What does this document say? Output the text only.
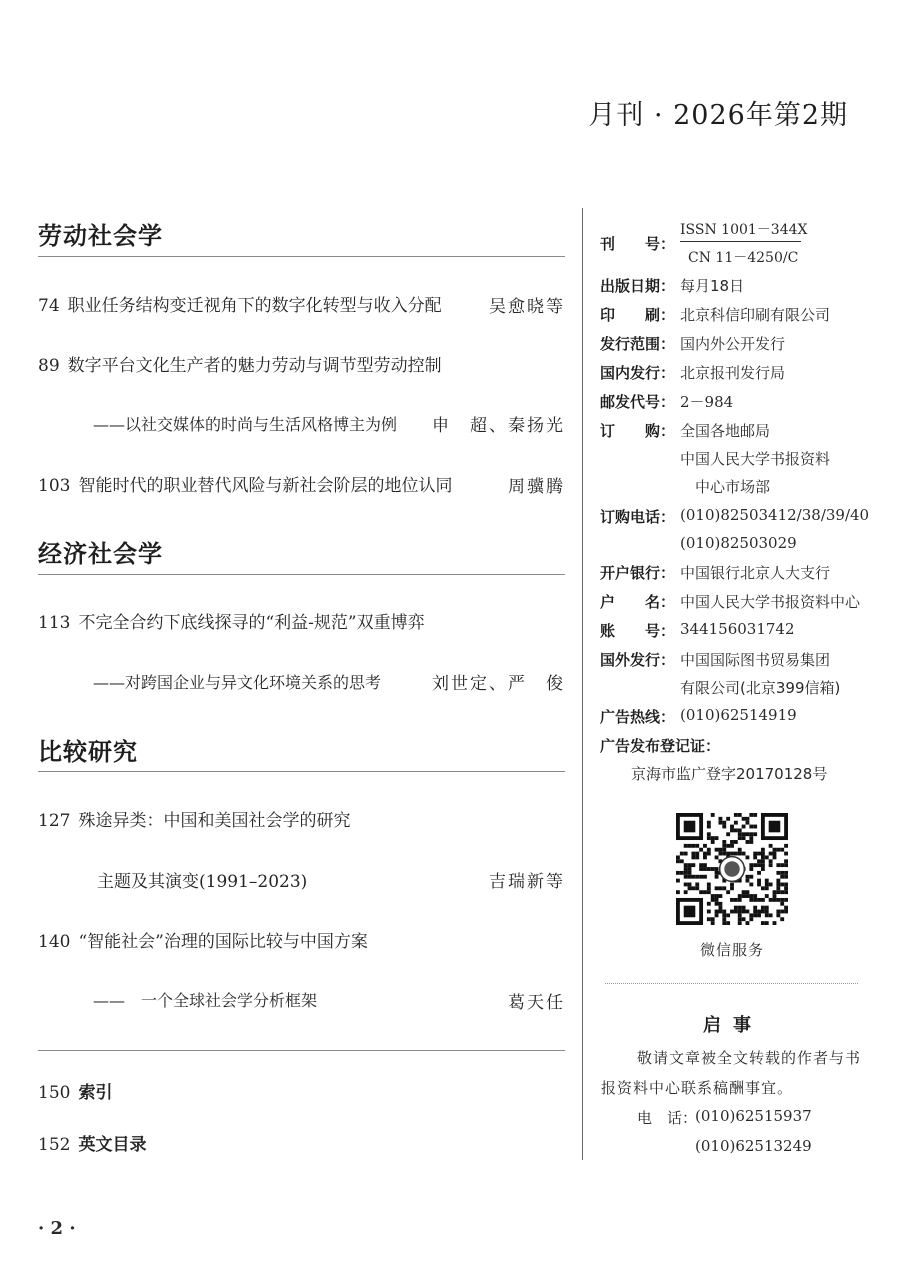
月刊 · 2026年第2期
劳动社会学
74 职业任务结构变迁视角下的数字化转型与收入分配	吴愈晓等
89 数字平台文化生产者的魅力劳动与调节型劳动控制
——以社交媒体的时尚与生活风格博主为例 申　超、秦扬光
103 智能时代的职业替代风险与新社会阶层的地位认同	周骥腾
经济社会学
113 不完全合约下底线探寻的“利益-规范”双重博弈
——对跨国企业与异文化环境关系的思考	刘世定、严　俊
比较研究
127 殊途异类：中国和美国社会学的研究
主题及其演变(1991–2023)	吉瑞新等
140 “智能社会”治理的国际比较与中国方案
——　一个全球社会学分析框架	葛天任
150 索引
152 英文目录
刊　　号：
ISSN 1001－344X
CN 11－4250/C
出版日期： 每月18日
印　　刷： 北京科信印刷有限公司
发行范围： 国内外公开发行
国内发行： 北京报刊发行局
邮发代号： 2－984
订　　购： 全国各地邮局
中国人民大学书报资料
中心市场部
订购电话： (010)82503412/38/39/40
(010)82503029
开户银行： 中国银行北京人大支行
户　　名： 中国人民大学书报资料中心
账　　号： 344156031742
国外发行： 中国国际图书贸易集团
有限公司(北京399信箱)
广告热线： (010)62514919
广告发布登记证：
京海市监广登字20170128号
微信服务
启事
敬请文章被全文转载的作者与书
报资料中心联系稿酬事宜。
电　话：
(010)62515937
(010)62513249
· 2 ·
